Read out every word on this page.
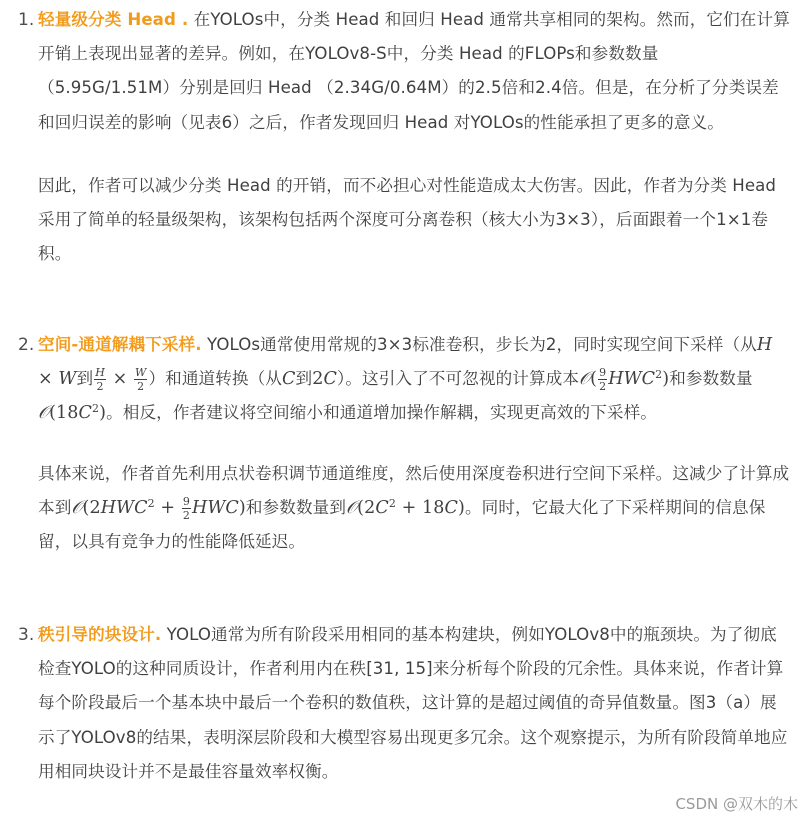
1. 轻量级分类 Head . 在YOLOs中，分类 Head 和回归 Head 通常共享相同的架构。然而，它们在计算开销上表现出显著的差异。例如，在YOLOv8-S中，分类 Head 的FLOPs和参数数量（5.95G/1.51M）分别是回归 Head （2.34G/0.64M）的2.5倍和2.4倍。但是，在分析了分类误差和回归误差的影响（见表6）之后，作者发现回归 Head 对YOLOs的性能承担了更多的意义。

因此，作者可以减少分类 Head 的开销，而不必担心对性能造成太大伤害。因此，作者为分类 Head 采用了简单的轻量级架构，该架构包括两个深度可分离卷积（核大小为3×3），后面跟着一个1×1卷积。

2. 空间-通道解耦下采样. YOLOs通常使用常规的3×3标准卷积，步长为2，同时实现空间下采样（从H × W到 $\frac{H}{2} \times \frac{W}{2}$ ）和通道转换（从C到2C）。这引入了不可忽视的计算成本𝒪( $\frac{9}{2} HWC^2$)和参数数量$𝒪(18C^2)$。相反，作者建议将空间缩小和通道增加操作解耦，实现更高效的下采样。

具体来说，作者首先利用点状卷积调节通道维度，然后使用深度卷积进行空间下采样。这减少了计算成本到$𝒪(2HWC^2 + \frac{9}{2} HWC)$和参数数量到$𝒪(2C^2 + 18C)$。同时，它最大化了下采样期间的信息保留，以具有竞争力的性能降低延迟。

3. 秩引导的块设计. YOLO通常为所有阶段采用相同的基本构建块，例如YOLOv8中的瓶颈块。为了彻底检查YOLO的这种同质设计，作者利用内在秩[31, 15]来分析每个阶段的冗余性。具体来说，作者计算每个阶段最后一个基本块中最后一个卷积的数值秩，这计算的是超过阈值的奇异值数量。图3（a）展示了YOLOv8的结果，表明深层阶段和大模型容易出现更多冗余。这个观察提示，为所有阶段简单地应用相同块设计并不是最佳容量效率权衡。

CSDN @双木的木
